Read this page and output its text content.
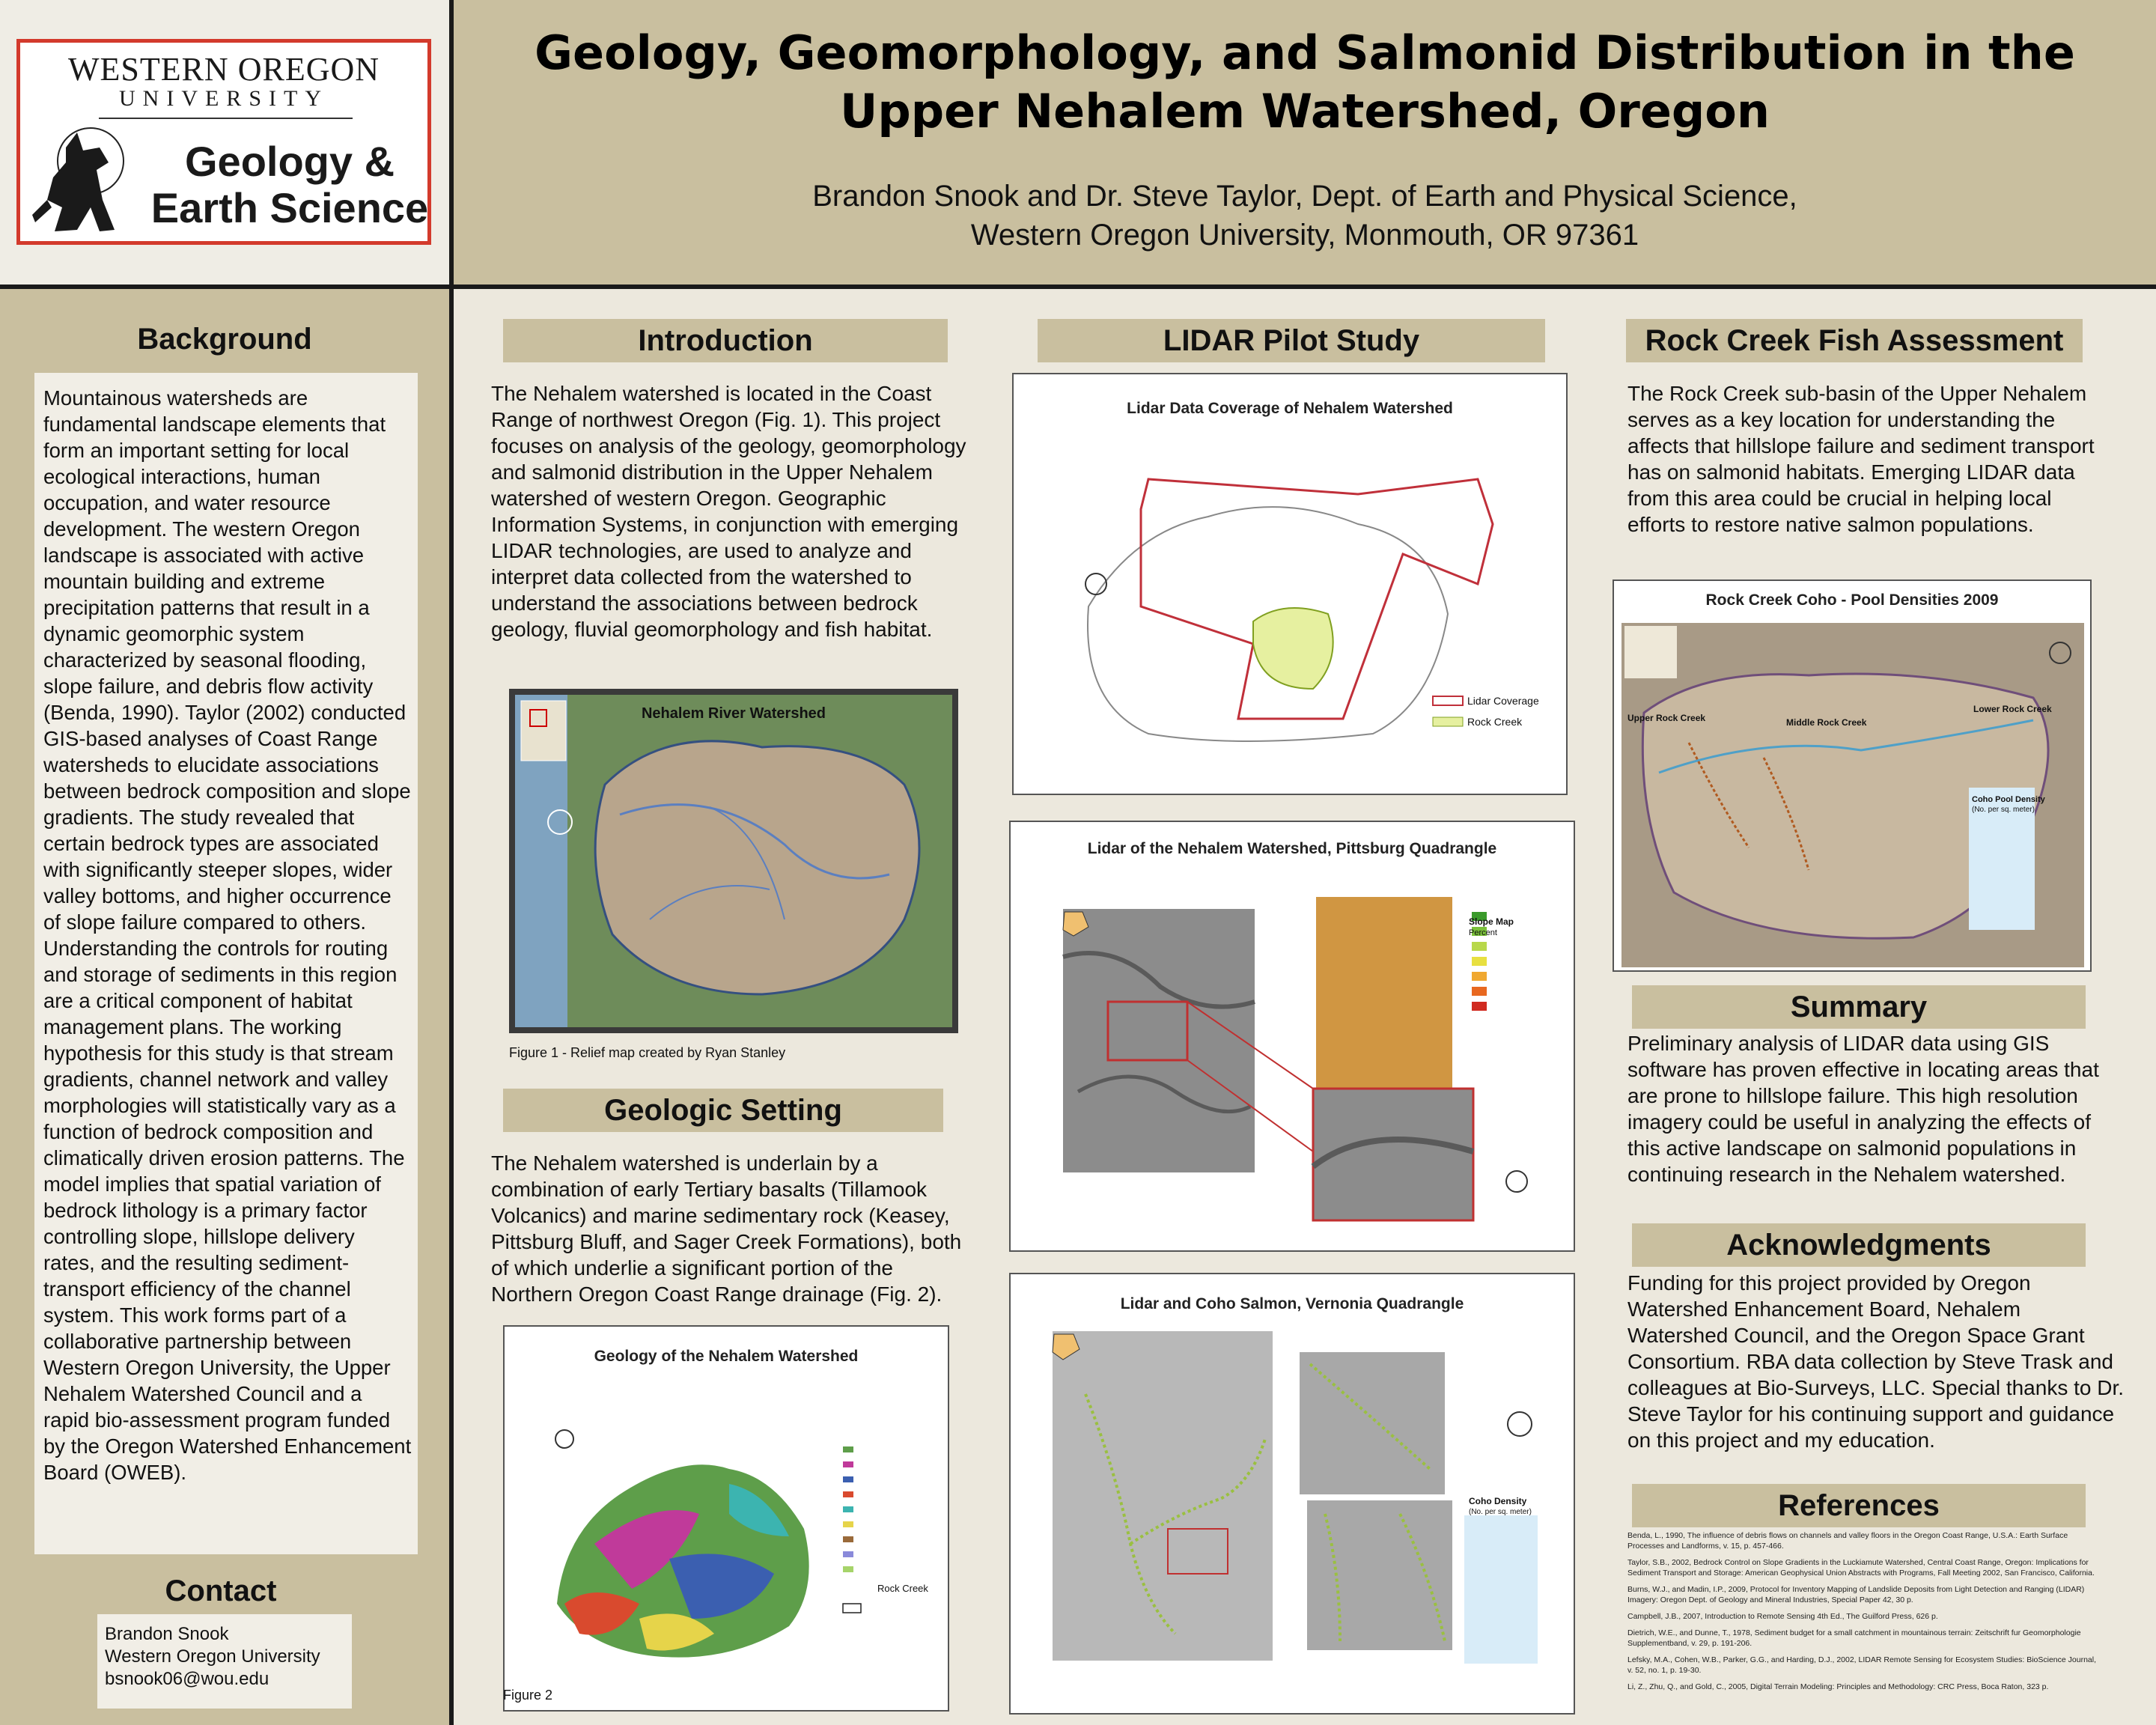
WESTERN OREGON
UNIVERSITY
Geology &
Earth Science
Geology, Geomorphology, and Salmonid Distribution in the
Upper Nehalem Watershed, Oregon
Brandon Snook and Dr. Steve Taylor, Dept. of Earth and Physical Science,
Western Oregon University, Monmouth, OR 97361
Background
Mountainous watersheds are fundamental landscape elements that form an important setting for local ecological interactions, human occupation, and water resource development. The western Oregon landscape is associated with active mountain building and extreme precipitation patterns that result in a dynamic geomorphic system characterized by seasonal flooding, slope failure, and debris flow activity (Benda, 1990). Taylor (2002) conducted GIS-based analyses of Coast Range watersheds to elucidate associations between bedrock composition and slope gradients. The study revealed that certain bedrock types are associated with significantly steeper slopes, wider valley bottoms, and higher occurrence of slope failure compared to others. Understanding the controls for routing and storage of sediments in this region are a critical component of habitat management plans. The working hypothesis for this study is that stream gradients, channel network and valley morphologies will statistically vary as a function of bedrock composition and climatically driven erosion patterns. The model implies that spatial variation of bedrock lithology is a primary factor controlling slope, hillslope delivery rates, and the resulting sediment-transport efficiency of the channel system. This work forms part of a collaborative partnership between Western Oregon University, the Upper Nehalem Watershed Council and a rapid bio-assessment program funded by the Oregon Watershed Enhancement Board (OWEB).
Contact
Brandon Snook
Western Oregon University
bsnook06@wou.edu
Introduction
The Nehalem watershed is located in the Coast Range of northwest Oregon (Fig. 1). This project focuses on analysis of the geology, geomorphology and salmonid distribution in the Upper Nehalem watershed of western Oregon. Geographic Information Systems, in conjunction with emerging LIDAR technologies, are used to analyze and interpret data collected from the watershed to understand the associations between bedrock geology, fluvial geomorphology and fish habitat.
Nehalem River Watershed
Figure 1 - Relief map created by Ryan Stanley
Geologic Setting
The Nehalem watershed is underlain by a combination of early Tertiary basalts (Tillamook Volcanics) and marine sedimentary rock (Keasey, Pittsburg Bluff, and Sager Creek Formations), both of which underlie a significant portion of the Northern Oregon Coast Range drainage (Fig. 2).
Geology of the Nehalem Watershed
Rock Creek
Figure 2
LIDAR Pilot Study
Lidar Data Coverage of Nehalem Watershed
Lidar Coverage
Rock Creek
Lidar of the Nehalem Watershed, Pittsburg Quadrangle
Slope Map
Percent
Lidar and Coho Salmon, Vernonia Quadrangle
Coho Density
(No. per sq. meter)
Rock Creek Fish Assessment
The Rock Creek sub-basin of the Upper Nehalem serves as a key location for understanding the affects that hillslope failure and sediment transport has on salmonid habitats. Emerging LIDAR data from this area could be crucial in helping local efforts to restore native salmon populations.
Rock Creek Coho - Pool Densities 2009
Upper Rock Creek	Middle Rock Creek
Lower Rock Creek
Coho Pool Density
(No. per sq. meter)
Summary
Preliminary analysis of LIDAR data using GIS software has proven effective in locating areas that are prone to hillslope failure. This high resolution imagery could be useful in analyzing the effects of this active landscape on salmonid populations in continuing research in the Nehalem watershed.
Acknowledgments
Funding for this project provided by Oregon Watershed Enhancement Board, Nehalem Watershed Council, and the Oregon Space Grant Consortium. RBA data collection by Steve Trask and colleagues at Bio-Surveys, LLC. Special thanks to Dr. Steve Taylor for his continuing support and guidance on this project and my education.
References

Benda, L., 1990, The influence of debris flows on channels and valley floors in the Oregon Coast Range, U.S.A.: Earth Surface Processes and Landforms, v. 15, p. 457-466.

Taylor, S.B., 2002, Bedrock Control on Slope Gradients in the Luckiamute Watershed, Central Coast Range, Oregon: Implications for Sediment Transport and Storage: American Geophysical Union Abstracts with Programs, Fall Meeting 2002, San Francisco, California.

Burns, W.J., and Madin, I.P., 2009, Protocol for Inventory Mapping of Landslide Deposits from Light Detection and Ranging (LIDAR) Imagery: Oregon Dept. of Geology and Mineral Industries, Special Paper 42, 30 p.

Campbell, J.B., 2007, Introduction to Remote Sensing 4th Ed., The Guilford Press, 626 p.

Dietrich, W.E., and Dunne, T., 1978, Sediment budget for a small catchment in mountainous terrain: Zeitschrift fur Geomorphologie Supplementband, v. 29, p. 191-206.

Lefsky, M.A., Cohen, W.B., Parker, G.G., and Harding, D.J., 2002, LIDAR Remote Sensing for Ecosystem Studies: BioScience Journal, v. 52, no. 1, p. 19-30.

Li, Z., Zhu, Q., and Gold, C., 2005, Digital Terrain Modeling: Principles and Methodology: CRC Press, Boca Raton, 323 p.
